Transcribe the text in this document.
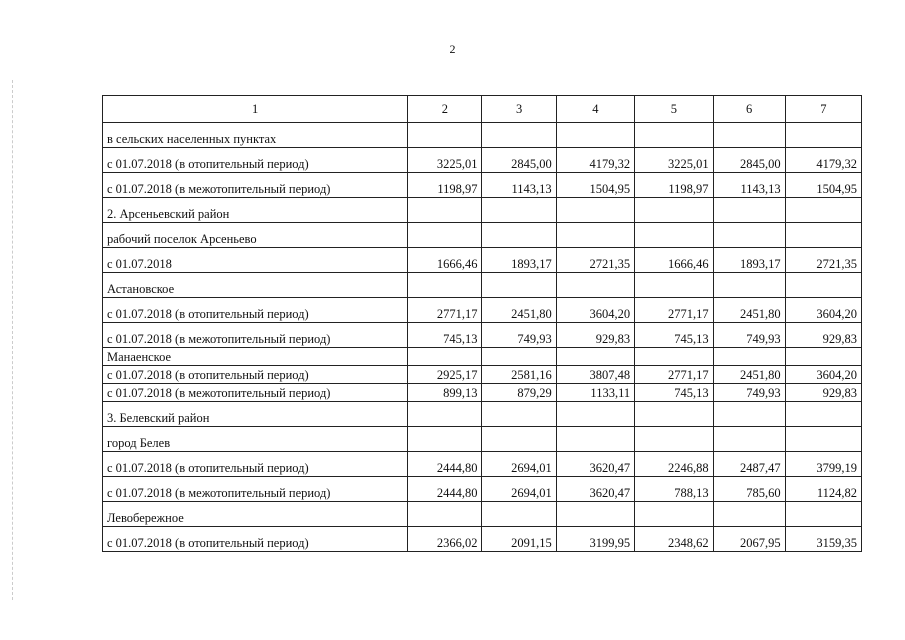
2
1	2	3	4	5	6	7
в сельских населенных пунктах						
с 01.07.2018 (в отопительный период)	3225,01	2845,00	4179,32	3225,01	2845,00	4179,32
с 01.07.2018 (в межотопительный период)	1198,97	1143,13	1504,95	1198,97	1143,13	1504,95
2. Арсеньевский район						
рабочий поселок Арсеньево						
с 01.07.2018	1666,46	1893,17	2721,35	1666,46	1893,17	2721,35
Астановское						
с 01.07.2018 (в отопительный период)	2771,17	2451,80	3604,20	2771,17	2451,80	3604,20
с 01.07.2018 (в межотопительный период)	745,13	749,93	929,83	745,13	749,93	929,83
Манаенское						
с 01.07.2018 (в отопительный период)	2925,17	2581,16	3807,48	2771,17	2451,80	3604,20
с 01.07.2018 (в межотопительный период)	899,13	879,29	1133,11	745,13	749,93	929,83
3. Белевский район						
город Белев						
с 01.07.2018 (в отопительный период)	2444,80	2694,01	3620,47	2246,88	2487,47	3799,19
с 01.07.2018 (в межотопительный период)	2444,80	2694,01	3620,47	788,13	785,60	1124,82
Левобережное						
с 01.07.2018 (в отопительный период)	2366,02	2091,15	3199,95	2348,62	2067,95	3159,35
